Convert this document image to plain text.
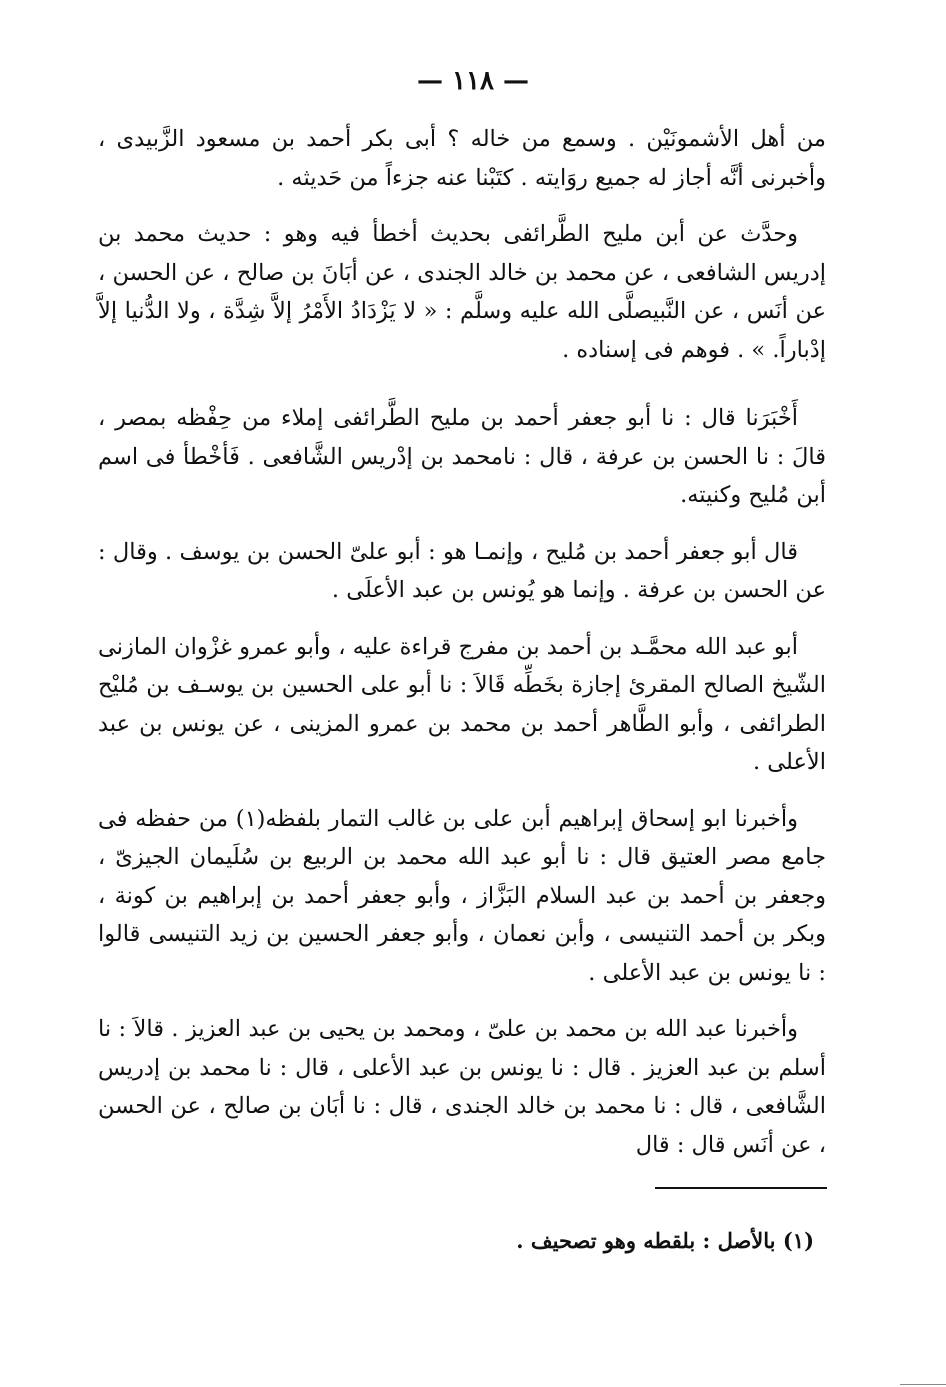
— ١١٨ —

من أهل الأشمونَيْن . وسمع من خاله ؟ أبى بكر أحمد بن مسعود الزَّبيدى ، وأخبرنى أنَّه أجاز له جميع روَايته . كتَبْنا عنه جزءاً من حَديثه .

وحدَّث عن أبن مليح الطَّرائفى بحديث أخطأ فيه وهو : حديث محمد بن إدريس الشافعى ، عن محمد بن خالد الجندى ، عن أبَانَ بن صالح ، عن الحسن ، عن أنَس ، عن النَّبيصلَّى الله عليه وسلَّم : « لا يَزْدَادُ الأَمْرُ إلاَّ شِدَّة ، ولا الدُّنيا إلاَّ إدْباراً. » . فوهم فى إسناده .

أَخْبَرَنا قال : نا أبو جعفر أحمد بن مليح الطَّرائفى إملاء من حِفْظه بمصر ، قالَ : نا الحسن بن عرفة ، قال : نامحمد بن إدْريس الشَّافعى . فَأخْطأ فى اسم أبن مُليح وكنيته.

قال أبو جعفر أحمد بن مُليح ، وإنمـا هو : أبو علىّ الحسن بن يوسف . وقال : عن الحسن بن عرفة . وإنما هو يُونس بن عبد الأعلَى .

أبو عبد الله محمَّـد بن أحمد بن مفرج قراءة عليه ، وأبو عمرو غزْوان المازنى الشّيخ الصالح المقرئ إجازة بخَطِّه قَالاَ : نا أبو على الحسين بن يوسـف بن مُليْح الطرائفى ، وأبو الطَّاهر أحمد بن محمد بن عمرو المزينى ، عن يونس بن عبد الأعلى .

وأخبرنا ابو إسحاق إبراهيم أبن على بن غالب التمار بلفظه(١) من حفظه فى جامع مصر العتيق قال : نا أبو عبد الله محمد بن الربيع بن سُلَيمان الجيزىّ ، وجعفر بن أحمد بن عبد السلام البَزَّاز ، وأبو جعفر أحمد بن إبراهيم بن كونة ، وبكر بن أحمد التنيسى ، وأبن نعمان ، وأبو جعفر الحسين بن زيد التنيسى قالوا : نا يونس بن عبد الأعلى .

وأخبرنا عبد الله بن محمد بن علىّ ، ومحمد بن يحيى بن عبد العزيز . قالاَ : نا أسلم بن عبد العزيز . قال : نا يونس بن عبد الأعلى ، قال : نا محمد بن إدريس الشَّافعى ، قال : نا محمد بن خالد الجندى ، قال : نا أبَان بن صالح ، عن الحسن ، عن أنَس قال : قال

(١) بالأصل : بلقطه وهو تصحيف .
